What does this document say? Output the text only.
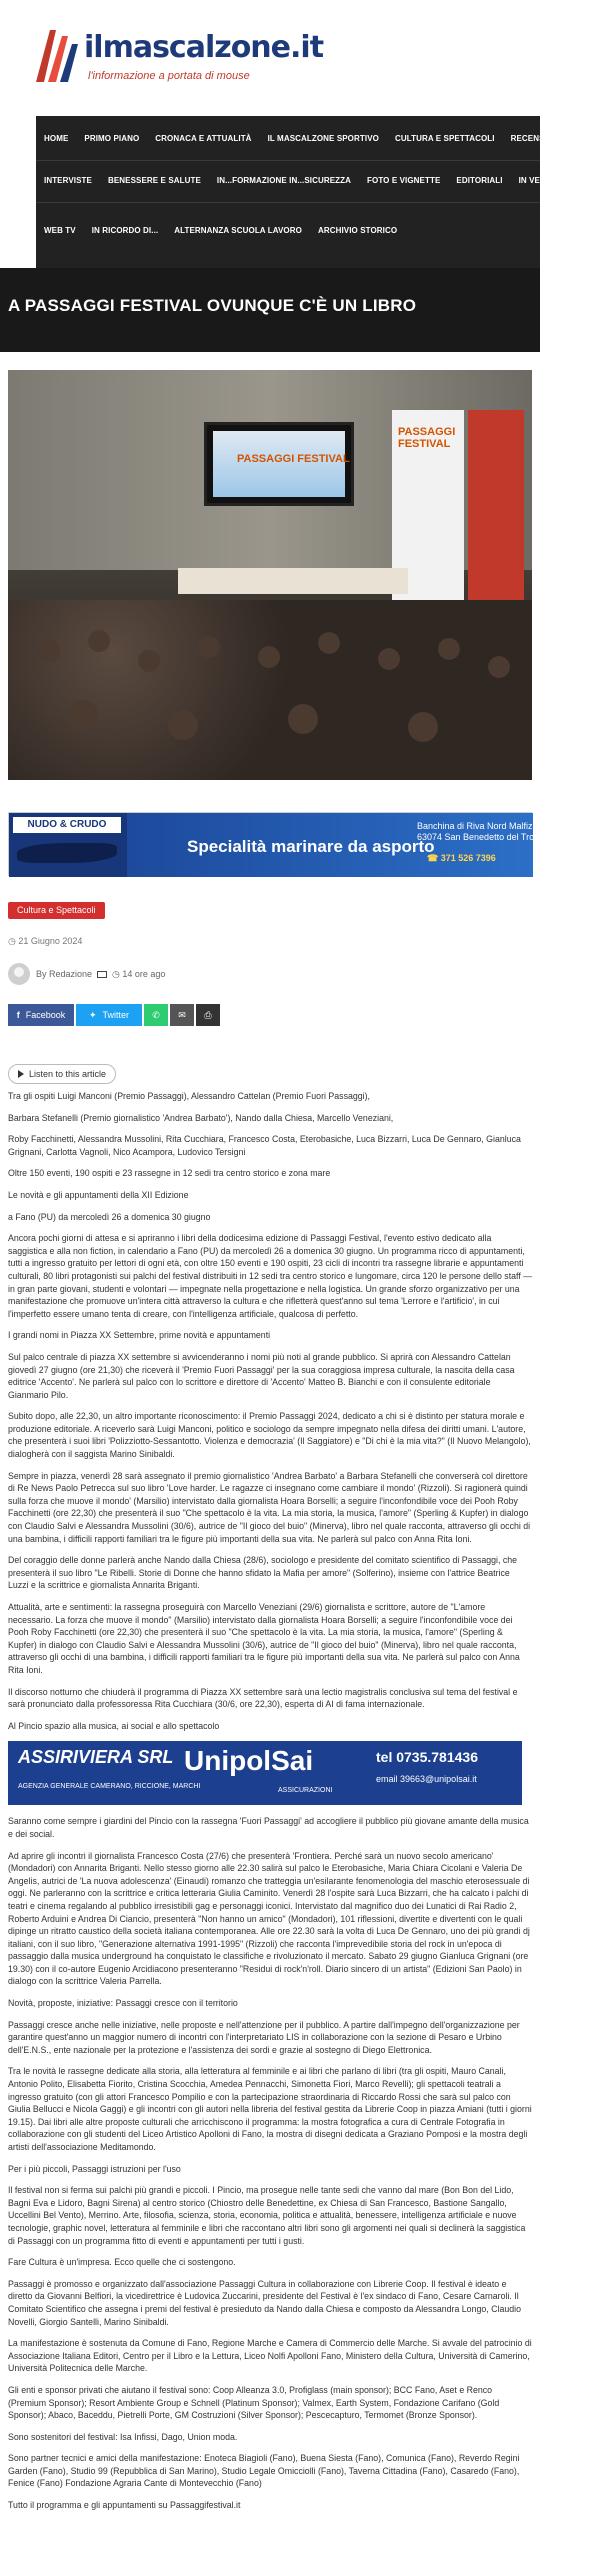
ilmascalzone.it
l'informazione a portata di mouse
HOME	PRIMO PIANO	CRONACA E ATTUALITÀ	IL MASCALZONE SPORTIVO	CULTURA E SPETTACOLI	RECENSIONI	SO
INTERVISTE	BENESSERE E SALUTE	IN...FORMAZIONE IN...SICUREZZA	FOTO E VIGNETTE	EDITORIALI	IN VETRINA	VI
WEB TV	IN RICORDO DI...	ALTERNANZA SCUOLA LAVORO	ARCHIVIO STORICO
A PASSAGGI FESTIVAL OVUNQUE C'È UN LIBRO
PASSAGGI FESTIVAL
PASSAGGI FESTIVAL
NUDO & CRUDO
Specialità marinare da asporto
Banchina di Riva Nord Malfizia
63074 San Benedetto del Tronto
☎ 371 526 7396
Cultura e Spettacoli
◷ 21 Giugno 2024
By Redazione ◷ 14 ore ago
f Facebook	✦ Twitter	✆ ✉ ⎙
Listen to this article

Tra gli ospiti Luigi Manconi (Premio Passaggi), Alessandro Cattelan (Premio Fuori Passaggi),

Barbara Stefanelli (Premio giornalistico 'Andrea Barbato'), Nando dalla Chiesa, Marcello Veneziani,

Roby Facchinetti, Alessandra Mussolini, Rita Cucchiara, Francesco Costa, Eterobasiche, Luca Bizzarri, Luca De Gennaro, Gianluca Grignani, Carlotta Vagnoli, Nico Acampora, Ludovico Tersigni

Oltre 150 eventi, 190 ospiti e 23 rassegne in 12 sedi tra centro storico e zona mare

Le novità e gli appuntamenti della XII Edizione

a Fano (PU) da mercoledì 26 a domenica 30 giugno

Ancora pochi giorni di attesa e si apriranno i libri della dodicesima edizione di Passaggi Festival, l'evento estivo dedicato alla saggistica e alla non fiction, in calendario a Fano (PU) da mercoledì 26 a domenica 30 giugno. Un programma ricco di appuntamenti, tutti a ingresso gratuito per lettori di ogni età, con oltre 150 eventi e 190 ospiti, 23 cicli di incontri tra rassegne librarie e appuntamenti culturali, 80 libri protagonisti sui palchi del festival distribuiti in 12 sedi tra centro storico e lungomare, circa 120 le persone dello staff — in gran parte giovani, studenti e volontari — impegnate nella progettazione e nella logistica. Un grande sforzo organizzativo per una manifestazione che promuove un'intera città attraverso la cultura e che rifletterà quest'anno sul tema 'Lerrore e l'artificio', in cui l'imperfetto essere umano tenta di creare, con l'intelligenza artificiale, qualcosa di perfetto.

I grandi nomi in Piazza XX Settembre, prime novità e appuntamenti

Sul palco centrale di piazza XX settembre si avvicenderanno i nomi più noti al grande pubblico. Si aprirà con Alessandro Cattelan giovedì 27 giugno (ore 21,30) che riceverà il 'Premio Fuori Passaggi' per la sua coraggiosa impresa culturale, la nascita della casa editrice 'Accento'. Ne parlerà sul palco con lo scrittore e direttore di 'Accento' Matteo B. Bianchi e con il consulente editoriale Gianmario Pilo.

Subito dopo, alle 22,30, un altro importante riconoscimento: il Premio Passaggi 2024, dedicato a chi si è distinto per statura morale e produzione editoriale. A riceverlo sarà Luigi Manconi, politico e sociologo da sempre impegnato nella difesa dei diritti umani. L'autore, che presenterà i suoi libri 'Polizziotto-Sessantotto. Violenza e democrazia' (Il Saggiatore) e "Di chi è la mia vita?" (Il Nuovo Melangolo), dialogherà con il saggista Marino Sinibaldi.

Sempre in piazza, venerdì 28 sarà assegnato il premio giornalistico 'Andrea Barbato' a Barbara Stefanelli che converserà col direttore di Re News Paolo Petrecca sul suo libro 'Love harder. Le ragazze ci insegnano come cambiare il mondo' (Rizzoli). Si ragionerà quindi sulla forza che muove il mondo' (Marsilio) intervistato dalla giornalista Hoara Borselli; a seguire l'inconfondibile voce dei Pooh Roby Facchinetti (ore 22,30) che presenterà il suo "Che spettacolo è la vita. La mia storia, la musica, l'amore" (Sperling & Kupfer) in dialogo con Claudio Salvi e Alessandra Mussolini (30/6), autrice de "Il gioco del buio" (Minerva), libro nel quale racconta, attraverso gli occhi di una bambina, i difficili rapporti familiari tra le figure più importanti della sua vita. Ne parlerà sul palco con Anna Rita Ioni.

Del coraggio delle donne parlerà anche Nando dalla Chiesa (28/6), sociologo e presidente del comitato scientifico di Passaggi, che presenterà il suo libro "Le Ribelli. Storie di Donne che hanno sfidato la Mafia per amore" (Solferino), insieme con l'attrice Beatrice Luzzi e la scrittrice e giornalista Annarita Briganti.

Attualità, arte e sentimenti: la rassegna proseguirà con Marcello Veneziani (29/6) giornalista e scrittore, autore de "L'amore necessario. La forza che muove il mondo" (Marsilio) intervistato dalla giornalista Hoara Borselli; a seguire l'inconfondibile voce dei Pooh Roby Facchinetti (ore 22,30) che presenterà il suo "Che spettacolo è la vita. La mia storia, la musica, l'amore" (Sperling & Kupfer) in dialogo con Claudio Salvi e Alessandra Mussolini (30/6), autrice de "Il gioco del buio" (Minerva), libro nel quale racconta, attraverso gli occhi di una bambina, i difficili rapporti familiari tra le figure più importanti della sua vita. Ne parlerà sul palco con Anna Rita Ioni.

Il discorso notturno che chiuderà il programma di Piazza XX settembre sarà una lectio magistralis conclusiva sul tema del festival e sarà pronunciato dalla professoressa Rita Cucchiara (30/6, ore 22,30), esperta di AI di fama internazionale.

Al Pincio spazio alla musica, ai social e allo spettacolo

ASSIRIVIERA SRL
AGENZIA GENERALE CAMERANO, RICCIONE, MARCHI
UnipolSai
ASSICURAZIONI
tel 0735.781436
email 39663@unipolsai.it

Saranno come sempre i giardini del Pincio con la rassegna 'Fuori Passaggi' ad accogliere il pubblico più giovane amante della musica e dei social.

Ad aprire gli incontri il giornalista Francesco Costa (27/6) che presenterà 'Frontiera. Perché sarà un nuovo secolo americano' (Mondadori) con Annarita Briganti. Nello stesso giorno alle 22.30 salirà sul palco le Eterobasiche, Maria Chiara Cicolani e Valeria De Angelis, autrici de 'La nuova adolescenza' (Einaudi) romanzo che tratteggia un'esilarante fenomenologia del maschio eterosessuale di oggi. Ne parleranno con la scrittrice e critica letteraria Giulia Caminito. Venerdì 28 l'ospite sarà Luca Bizzarri, che ha calcato i palchi di teatri e cinema regalando al pubblico irresistibili gag e personaggi iconici. Intervistato dal magnifico duo dei Lunatici di Rai Radio 2, Roberto Arduini e Andrea Di Ciancio, presenterà "Non hanno un amico" (Mondadori), 101 riflessioni, divertite e divertenti con le quali dipinge un ritratto caustico della società italiana contemporanea. Alle ore 22.30 sarà la volta di Luca De Gennaro, uno dei più grandi dj italiani, con il suo libro, "Generazione alternativa 1991-1995" (Rizzoli) che racconta l'imprevedibile storia del rock in un'epoca di passaggio dalla musica underground ha conquistato le classifiche e rivoluzionato il mercato. Sabato 29 giugno Gianluca Grignani (ore 19.30) con il co-autore Eugenio Arcidiacono presenteranno "Residui di rock'n'roll. Diario sincero di un artista" (Edizioni San Paolo) in dialogo con la scrittrice Valeria Parrella.

Novità, proposte, iniziative: Passaggi cresce con il territorio

Passaggi cresce anche nelle iniziative, nelle proposte e nell'attenzione per il pubblico. A partire dall'impegno dell'organizzazione per garantire quest'anno un maggior numero di incontri con l'interpretariato LIS in collaborazione con la sezione di Pesaro e Urbino dell'E.N.S., ente nazionale per la protezione e l'assistenza dei sordi e grazie al sostegno di Diego Elettronica.

Tra le novità le rassegne dedicate alla storia, alla letteratura al femminile e ai libri che parlano di libri (tra gli ospiti, Mauro Canali, Antonio Polito, Elisabetta Fiorito, Cristina Scocchia, Amedea Pennacchi, Simonetta Fiori, Marco Revelli); gli spettacoli teatrali a ingresso gratuito (con gli attori Francesco Pompilio e con la partecipazione straordinaria di Riccardo Rossi che sarà sul palco con Giulia Bellucci e Nicola Gaggi) e gli incontri con gli autori nella libreria del festival gestita da Librerie Coop in piazza Amiani (tutti i giorni 19.15). Dai libri alle altre proposte culturali che arricchiscono il programma: la mostra fotografica a cura di Centrale Fotografia in collaborazione con gli studenti del Liceo Artistico Apolloni di Fano, la mostra di disegni dedicata a Graziano Pomposi e la mostra degli artisti dell'associazione Meditamondo.

Per i più piccoli, Passaggi istruzioni per l'uso

Il festival non si ferma sui palchi più grandi e piccoli. I Pincio, ma prosegue nelle tante sedi che vanno dal mare (Bon Bon del Lido, Bagni Eva e Lidoro, Bagni Sirena) al centro storico (Chiostro delle Benedettine, ex Chiesa di San Francesco, Bastione Sangallo, Uccellini Bel Vento), Merrino. Arte, filosofia, scienza, storia, economia, politica e attualità, benessere, intelligenza artificiale e nuove tecnologie, graphic novel, letteratura al femminile e libri che raccontano altri libri sono gli argomenti nei quali si declinerà la saggistica di Passaggi con un programma fitto di eventi e appuntamenti per tutti i gusti.

Fare Cultura è un'impresa. Ecco quelle che ci sostengono.

Passaggi è promosso e organizzato dall'associazione Passaggi Cultura in collaborazione con Librerie Coop. Il festival è ideato e diretto da Giovanni Belfiori, la vicedirettrice è Ludovica Zuccarini, presidente del Festival è l'ex sindaco di Fano, Cesare Carnaroli. Il Comitato Scientifico che assegna i premi del festival è presieduto da Nando dalla Chiesa e composto da Alessandra Longo, Claudio Novelli, Giorgio Santelli, Marino Sinibaldi.

La manifestazione è sostenuta da Comune di Fano, Regione Marche e Camera di Commercio delle Marche. Si avvale del patrocinio di Associazione Italiana Editori, Centro per il Libro e la Lettura, Liceo Nolfi Apolloni Fano, Ministero della Cultura, Università di Camerino, Università Politecnica delle Marche.

Gli enti e sponsor privati che aiutano il festival sono: Coop Alleanza 3.0, Profiglass (main sponsor); BCC Fano, Aset e Renco (Premium Sponsor); Resort Ambiente Group e Schnell (Platinum Sponsor); Valmex, Earth System, Fondazione Carifano (Gold Sponsor); Abaco, Baceddu, Pietrelli Porte, GM Costruzioni (Silver Sponsor); Pescecapturo, Termomet (Bronze Sponsor).

Sono sostenitori del festival: Isa Infissi, Dago, Union moda.

Sono partner tecnici e amici della manifestazione: Enoteca Biagioli (Fano), Buena Siesta (Fano), Comunica (Fano), Reverdo Regini Garden (Fano), Studio 99 (Repubblica di San Marino), Studio Legale Omicciolli (Fano), Taverna Cittadina (Fano), Casaredo (Fano), Fenice (Fano) Fondazione Agraria Cante di Montevecchio (Fano)

Tutto il programma e gli appuntamenti su Passaggifestival.it
